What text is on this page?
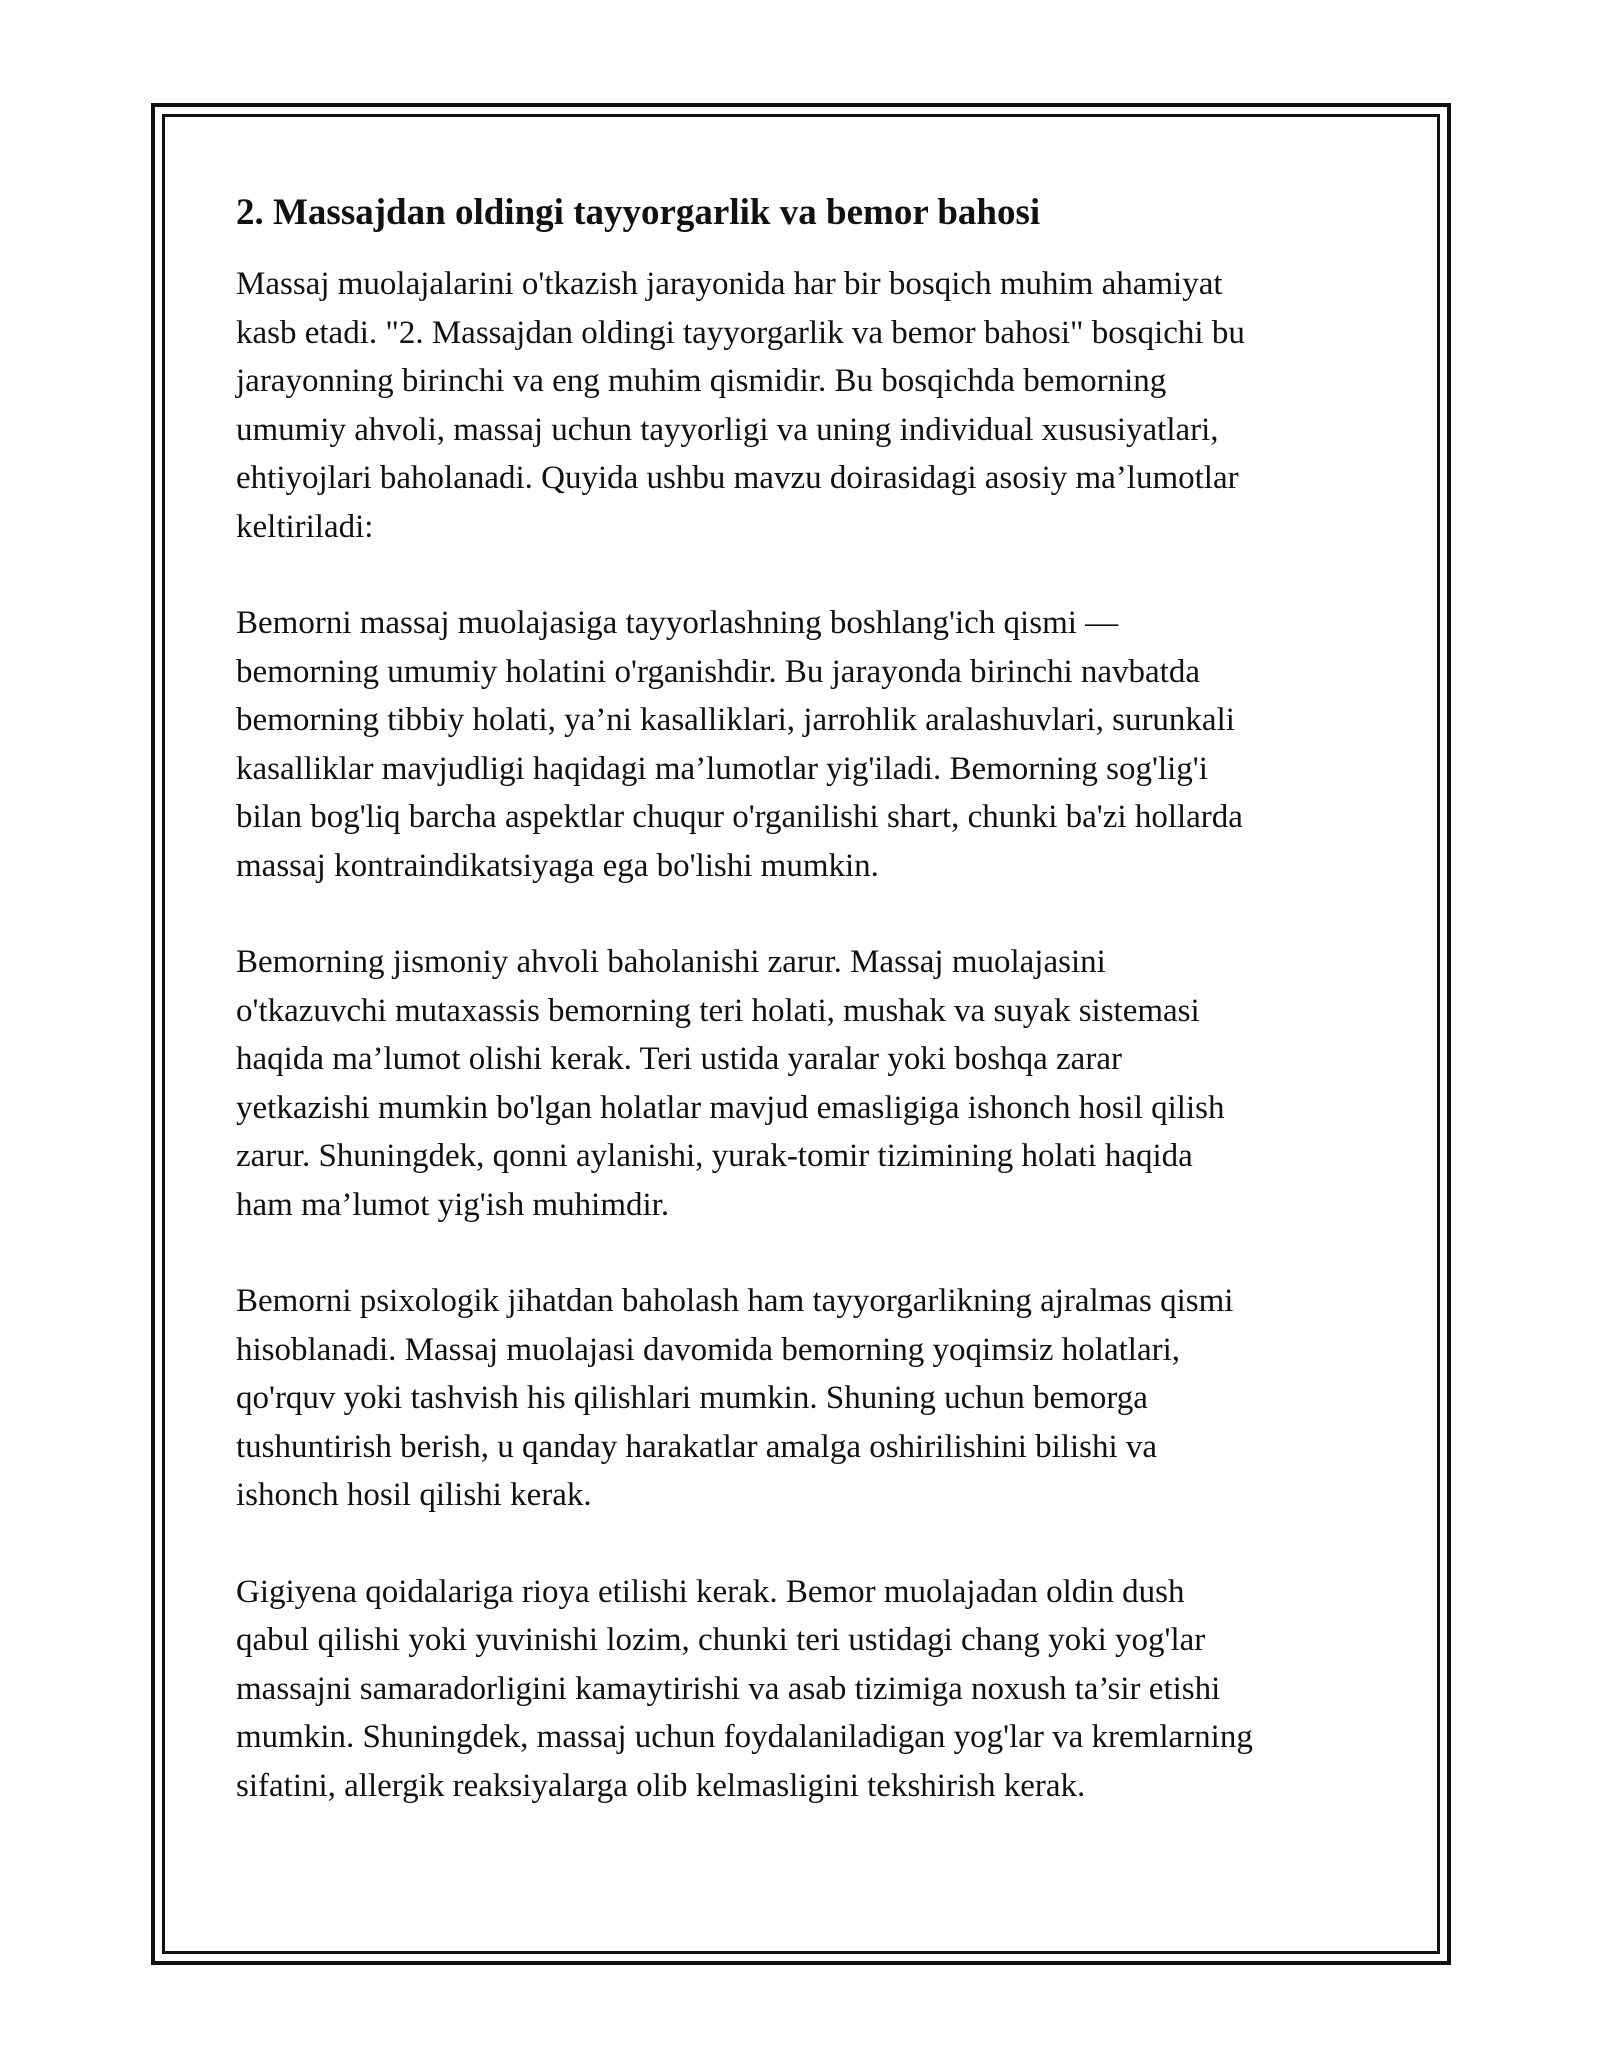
2. Massajdan oldingi tayyorgarlik va bemor bahosi

Massaj muolajalarini o'tkazish jarayonida har bir bosqich muhim ahamiyat
kasb etadi. "2. Massajdan oldingi tayyorgarlik va bemor bahosi" bosqichi bu
jarayonning birinchi va eng muhim qismidir. Bu bosqichda bemorning
umumiy ahvoli, massaj uchun tayyorligi va uning individual xususiyatlari,
ehtiyojlari baholanadi. Quyida ushbu mavzu doirasidagi asosiy ma’lumotlar
keltiriladi:

Bemorni massaj muolajasiga tayyorlashning boshlang'ich qismi —
bemorning umumiy holatini o'rganishdir. Bu jarayonda birinchi navbatda
bemorning tibbiy holati, ya’ni kasalliklari, jarrohlik aralashuvlari, surunkali
kasalliklar mavjudligi haqidagi ma’lumotlar yig'iladi. Bemorning sog'lig'i
bilan bog'liq barcha aspektlar chuqur o'rganilishi shart, chunki ba'zi hollarda
massaj kontraindikatsiyaga ega bo'lishi mumkin.

Bemorning jismoniy ahvoli baholanishi zarur. Massaj muolajasini
o'tkazuvchi mutaxassis bemorning teri holati, mushak va suyak sistemasi
haqida ma’lumot olishi kerak. Teri ustida yaralar yoki boshqa zarar
yetkazishi mumkin bo'lgan holatlar mavjud emasligiga ishonch hosil qilish
zarur. Shuningdek, qonni aylanishi, yurak-tomir tizimining holati haqida
ham ma’lumot yig'ish muhimdir.

Bemorni psixologik jihatdan baholash ham tayyorgarlikning ajralmas qismi
hisoblanadi. Massaj muolajasi davomida bemorning yoqimsiz holatlari,
qo'rquv yoki tashvish his qilishlari mumkin. Shuning uchun bemorga
tushuntirish berish, u qanday harakatlar amalga oshirilishini bilishi va
ishonch hosil qilishi kerak.

Gigiyena qoidalariga rioya etilishi kerak. Bemor muolajadan oldin dush
qabul qilishi yoki yuvinishi lozim, chunki teri ustidagi chang yoki yog'lar
massajni samaradorligini kamaytirishi va asab tizimiga noxush ta’sir etishi
mumkin. Shuningdek, massaj uchun foydalaniladigan yog'lar va kremlarning
sifatini, allergik reaksiyalarga olib kelmasligini tekshirish kerak.
